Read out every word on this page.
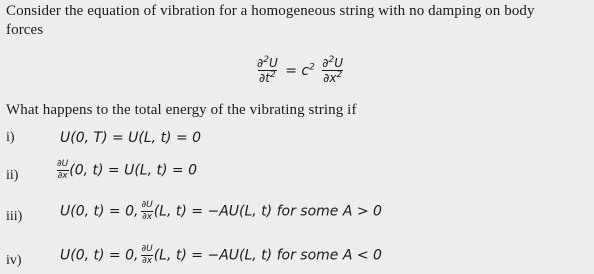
Consider the equation of vibration for a homogeneous string with no damping on body
forces
$\frac{\partial^2U}{\partial t^2} = c^2 \frac{\partial^2U}{\partial x^2}$
What happens to the total energy of the vibrating string if
i)	U(0, T) = U(L, t) = 0
ii)	$\frac{\partial U}{\partial x} (0$, t) = U(L, t) = 0
iii)	U(0, t) = 0, $\frac{\partial U}{\partial x} (L$, t) = −AU(L, t) for some A > 0
iv)	U(0, t) = 0, $\frac{\partial U}{\partial x} (L$, t) = −AU(L, t) for some A < 0
